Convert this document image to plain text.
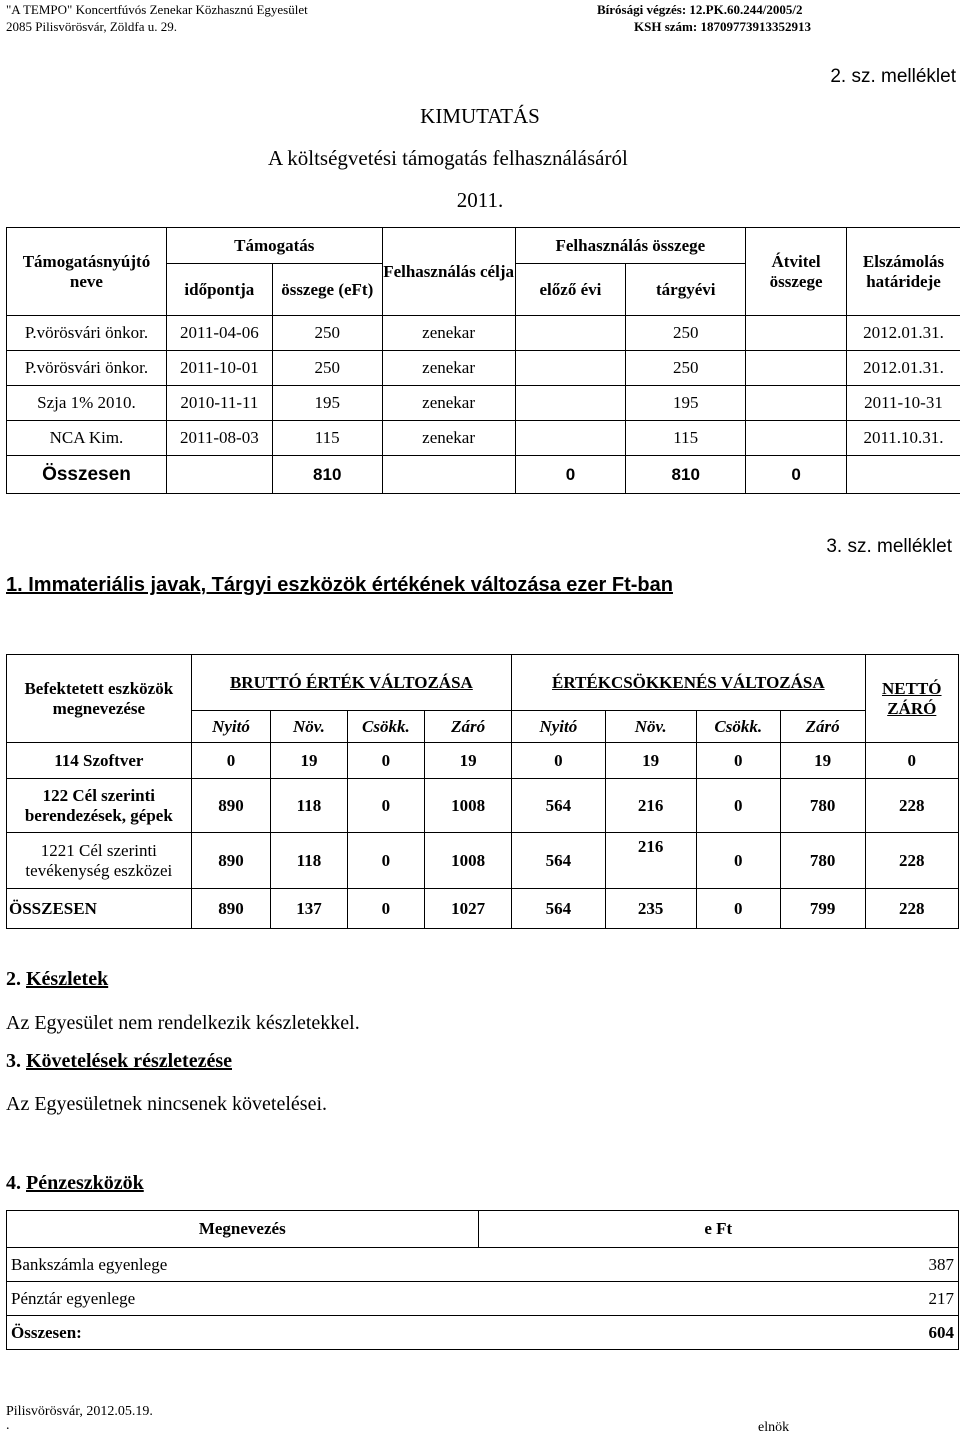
"A TEMPO" Koncertfúvós Zenekar Közhasznú Egyesület
2085 Pilisvörösvár, Zöldfa u. 29.
Bírósági végzés: 12.PK.60.244/2005/2
KSH szám: 18709773913352913
2. sz. melléklet
KIMUTATÁS
A költségvetési támogatás felhasználásáról
2011.
Támogatásnyújtó neve	Támogatás		Felhasználás célja	Felhasználás összege		Átvitel összege	Elszámolás határideje
	időpontja	összege (eFt)		előző évi	tárgyévi		
P.vörösvári önkor.	2011-04-06	250	zenekar		250		2012.01.31.
P.vörösvári önkor.	2011-10-01	250	zenekar		250		2012.01.31.
Szja 1% 2010.	2010-11-11	195	zenekar		195		2011-10-31
NCA Kim.	2011-08-03	115	zenekar		115		2011.10.31.
Összesen		810		0	810	0	
3. sz. melléklet
1. Immateriális javak, Tárgyi eszközök értékének változása ezer Ft-ban
Befektetett eszközök megnevezése	BRUTTÓ ÉRTÉK VÁLTOZÁSA				ÉRTÉKCSÖKKENÉS VÁLTOZÁSA				NETTÓ ZÁRÓ
	Nyitó	Növ.	Csökk.	Záró	Nyitó	Növ.	Csökk.	Záró	
114 Szoftver	0	19	0	19	0	19	0	19	0
122 Cél szerinti berendezések, gépek	890	118	0	1008	564	216	0	780	228
1221 Cél szerinti tevékenység eszközei	890	118	0	1008	564	216	0	780	228
ÖSSZESEN	890	137	0	1027	564	235	0	799	228
2. Készletek
Az Egyesület nem rendelkezik készletekkel.
3. Követelések részletezése
Az Egyesületnek nincsenek követelései.
4. Pénzeszközök
Megnevezés	e Ft
Bankszámla egyenlege	387
Pénztár egyenlege	217
Összesen:	604
Pilisvörösvár, 2012.05.19.
.	elnök
